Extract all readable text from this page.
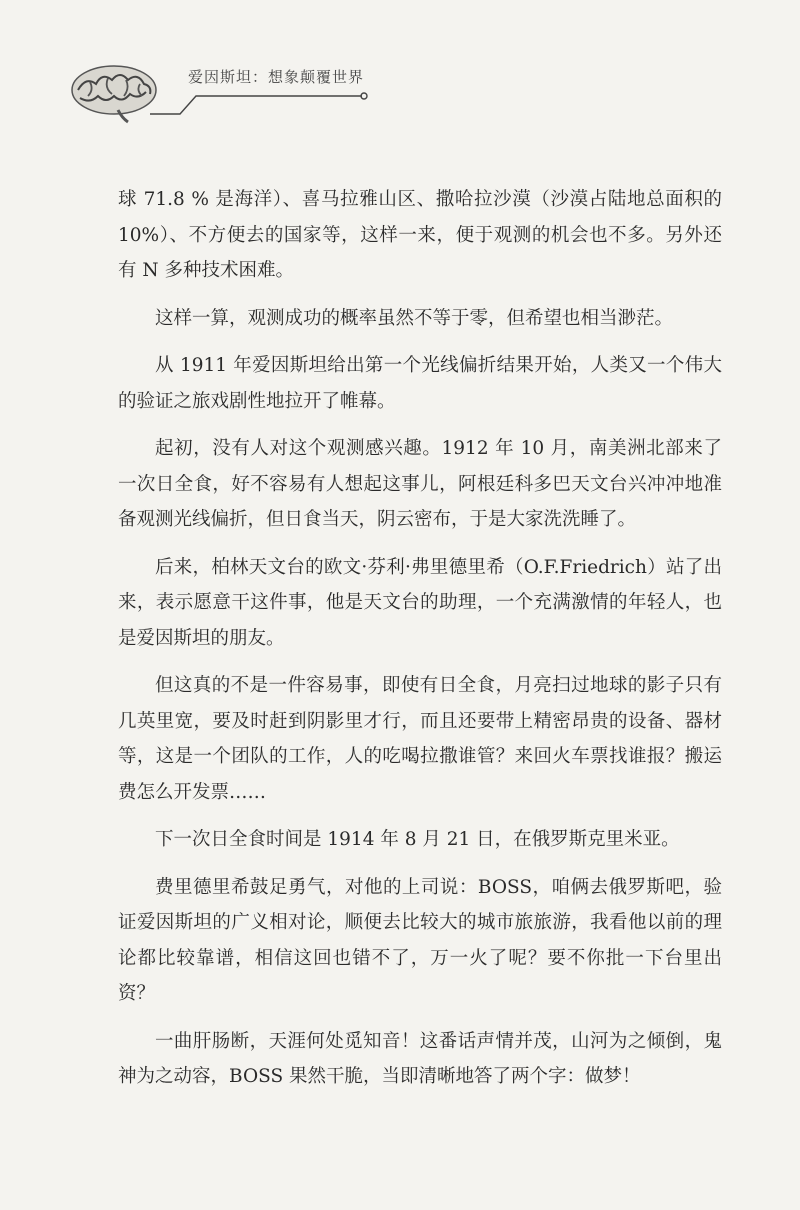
爱因斯坦：想象颠覆世界

球 71.8 % 是海洋）、喜马拉雅山区、撒哈拉沙漠（沙漠占陆地总面积的 10%）、不方便去的国家等，这样一来，便于观测的机会也不多。另外还有 N 多种技术困难。

这样一算，观测成功的概率虽然不等于零，但希望也相当渺茫。

从 1911 年爱因斯坦给出第一个光线偏折结果开始，人类又一个伟大的验证之旅戏剧性地拉开了帷幕。

起初，没有人对这个观测感兴趣。1912 年 10 月，南美洲北部来了一次日全食，好不容易有人想起这事儿，阿根廷科多巴天文台兴冲冲地准备观测光线偏折，但日食当天，阴云密布，于是大家洗洗睡了。

后来，柏林天文台的欧文·芬利·弗里德里希（O.F.Friedrich）站了出来，表示愿意干这件事，他是天文台的助理，一个充满激情的年轻人，也是爱因斯坦的朋友。

但这真的不是一件容易事，即使有日全食，月亮扫过地球的影子只有几英里宽，要及时赶到阴影里才行，而且还要带上精密昂贵的设备、器材等，这是一个团队的工作，人的吃喝拉撒谁管？来回火车票找谁报？搬运费怎么开发票……

下一次日全食时间是 1914 年 8 月 21 日，在俄罗斯克里米亚。

费里德里希鼓足勇气，对他的上司说：BOSS，咱俩去俄罗斯吧，验证爱因斯坦的广义相对论，顺便去比较大的城市旅旅游，我看他以前的理论都比较靠谱，相信这回也错不了，万一火了呢？要不你批一下台里出资？

一曲肝肠断，天涯何处觅知音！这番话声情并茂，山河为之倾倒，鬼神为之动容，BOSS 果然干脆，当即清晰地答了两个字：做梦！
